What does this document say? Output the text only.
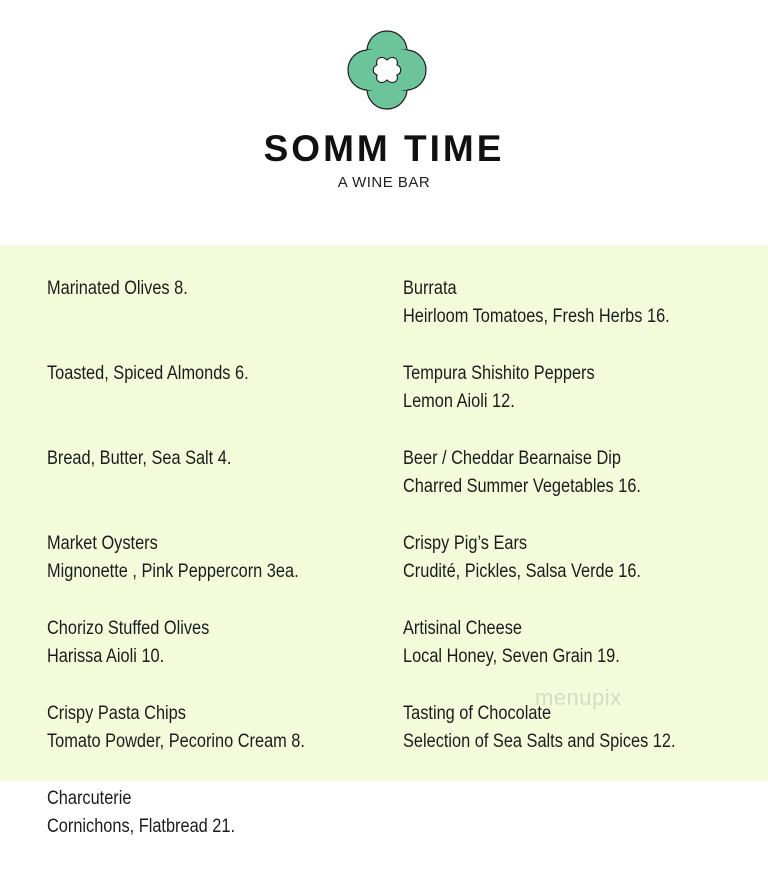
SOMM TIME
A WINE BAR
Marinated Olives 8.
Toasted, Spiced Almonds 6.
Bread, Butter, Sea Salt 4.
Market Oysters
Mignonette , Pink Peppercorn 3ea.
Chorizo Stuffed Olives
Harissa Aioli 10.
Crispy Pasta Chips
Tomato Powder, Pecorino Cream 8.
Charcuterie
Cornichons, Flatbread 21.
Burrata
Heirloom Tomatoes, Fresh Herbs 16.
Tempura Shishito Peppers
Lemon Aioli 12.
Beer / Cheddar Bearnaise Dip
Charred Summer Vegetables 16.
Crispy Pig’s Ears
Crudité, Pickles, Salsa Verde 16.
Artisinal Cheese
Local Honey, Seven Grain 19.
Tasting of Chocolate
Selection of Sea Salts and Spices 12.
menupix
